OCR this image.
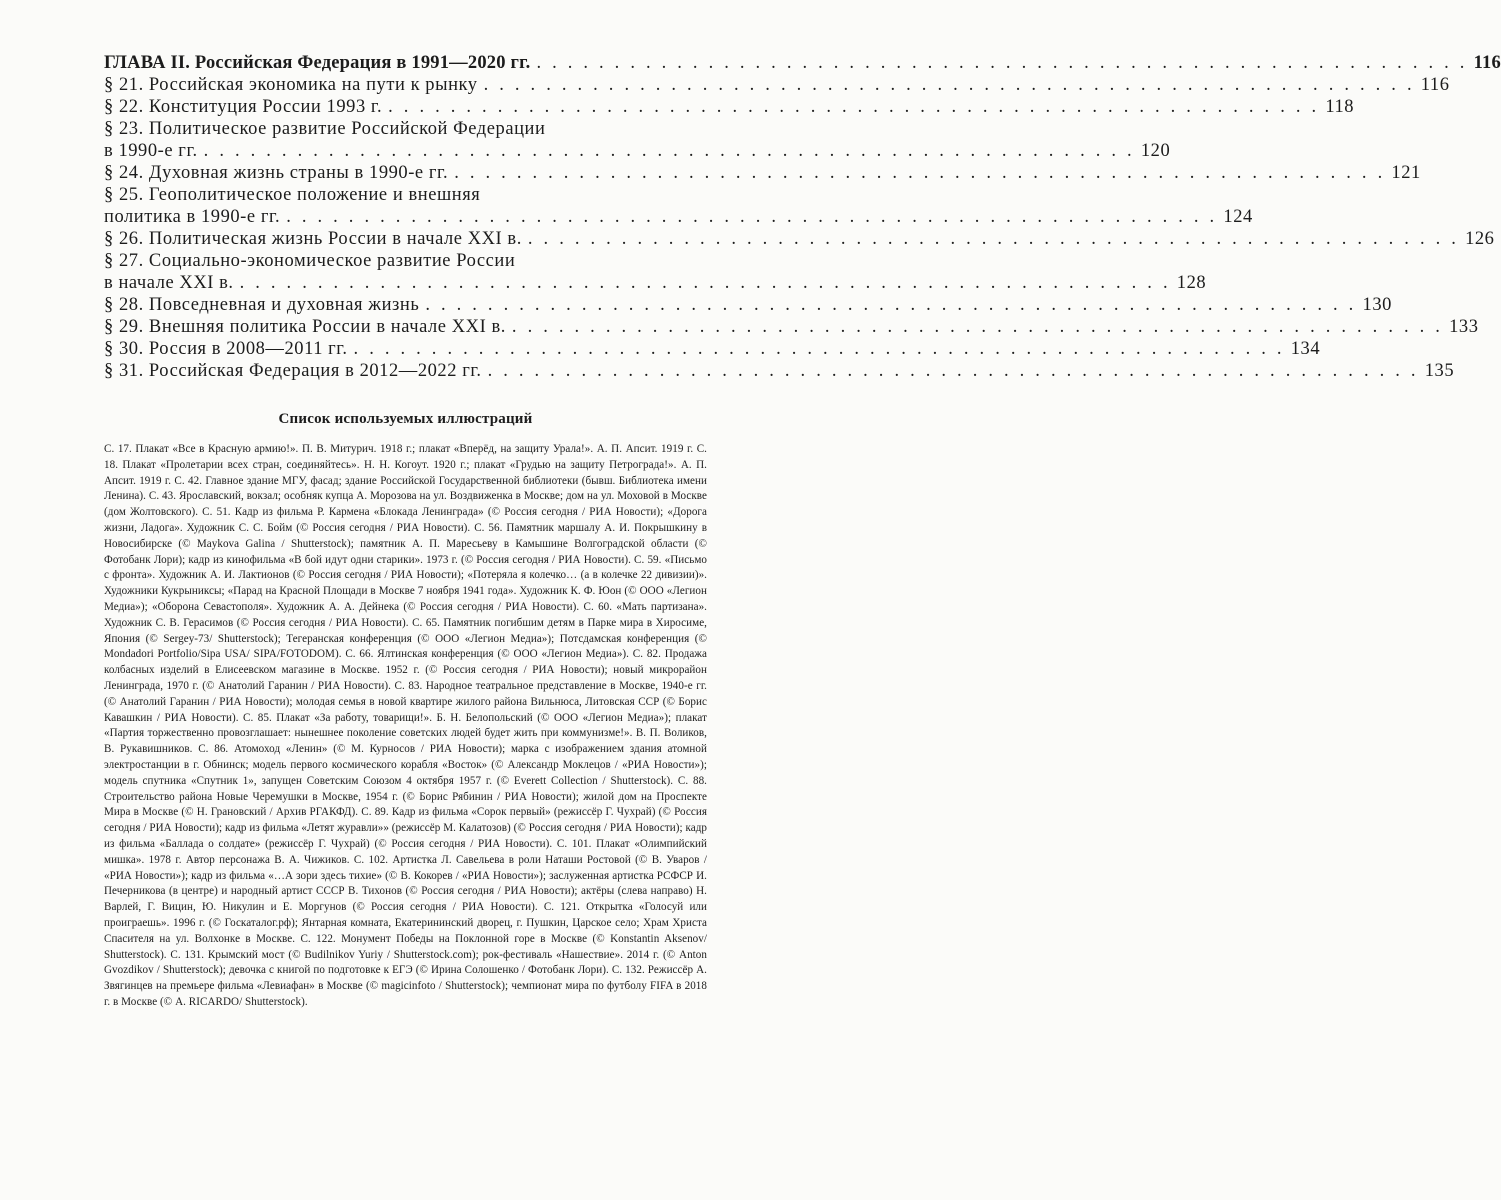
ГЛАВА II. Российская Федерация в 1991—2020 гг. . . . . . . . . . . . . . . . . . . . . . . . . . . . . . . . . . . . . . . . . . . . . . . . . . . . . . . . . . . . . 116
§ 21. Российская экономика на пути к рынку . . . . . . . . . . . . . . . . . . . . . . . . . . . . . . . . . . . . . . . . . . . . . . . . . . . . . . . . . . . . 116
§ 22. Конституция России 1993 г. . . . . . . . . . . . . . . . . . . . . . . . . . . . . . . . . . . . . . . . . . . . . . . . . . . . . . . . . . . . . 118
§ 23. Политическое развитие Российской Федерации
в 1990-е гг. . . . . . . . . . . . . . . . . . . . . . . . . . . . . . . . . . . . . . . . . . . . . . . . . . . . . . . . . . . . . 120
§ 24. Духовная жизнь страны в 1990-е гг. . . . . . . . . . . . . . . . . . . . . . . . . . . . . . . . . . . . . . . . . . . . . . . . . . . . . . . . . . . . . 121
§ 25. Геополитическое положение и внешняя
политика в 1990-е гг. . . . . . . . . . . . . . . . . . . . . . . . . . . . . . . . . . . . . . . . . . . . . . . . . . . . . . . . . . . . . 124
§ 26. Политическая жизнь России в начале XXI в. . . . . . . . . . . . . . . . . . . . . . . . . . . . . . . . . . . . . . . . . . . . . . . . . . . . . . . . . . . . . 126
§ 27. Социально-экономическое развитие России
в начале XXI в. . . . . . . . . . . . . . . . . . . . . . . . . . . . . . . . . . . . . . . . . . . . . . . . . . . . . . . . . . . . . 128
§ 28. Повседневная и духовная жизнь . . . . . . . . . . . . . . . . . . . . . . . . . . . . . . . . . . . . . . . . . . . . . . . . . . . . . . . . . . . . 130
§ 29. Внешняя политика России в начале XXI в. . . . . . . . . . . . . . . . . . . . . . . . . . . . . . . . . . . . . . . . . . . . . . . . . . . . . . . . . . . . . 133
§ 30. Россия в 2008—2011 гг. . . . . . . . . . . . . . . . . . . . . . . . . . . . . . . . . . . . . . . . . . . . . . . . . . . . . . . . . . . . . 134
§ 31. Российская Федерация в 2012—2022 гг. . . . . . . . . . . . . . . . . . . . . . . . . . . . . . . . . . . . . . . . . . . . . . . . . . . . . . . . . . . . . 135
Список используемых иллюстраций

С. 17. Плакат «Все в Красную армию!». П. В. Митурич. 1918 г.; плакат «Вперёд, на защиту Урала!». А. П. Апсит. 1919 г. С. 18. Плакат «Пролетарии всех стран, соединяйтесь». Н. Н. Когоут. 1920 г.; плакат «Грудью на защиту Петрограда!». А. П. Апсит. 1919 г. С. 42. Главное здание МГУ, фасад; здание Российской Государственной библиотеки (бывш. Библиотека имени Ленина). С. 43. Ярославский, вокзал; особняк купца А. Морозова на ул. Воздвиженка в Москве; дом на ул. Моховой в Москве (дом Жолтовского). С. 51. Кадр из фильма Р. Кармена «Блокада Ленинграда» (© Россия сегодня / РИА Новости); «Дорога жизни, Ладога». Художник С. С. Бойм (© Россия сегодня / РИА Новости). С. 56. Памятник маршалу А. И. Покрышкину в Новосибирске (© Maykova Galina / Shutterstock); памятник А. П. Маресьеву в Камышине Волгоградской области (© Фотобанк Лори); кадр из кинофильма «В бой идут одни старики». 1973 г. (© Россия сегодня / РИА Новости). С. 59. «Письмо с фронта». Художник А. И. Лактионов (© Россия сегодня / РИА Новости); «Потеряла я колечко… (а в колечке 22 дивизии)». Художники Кукрыниксы; «Парад на Красной Площади в Москве 7 ноября 1941 года». Художник К. Ф. Юон (© ООО «Легион Медиа»); «Оборона Севастополя». Художник А. А. Дейнека (© Россия сегодня / РИА Новости). С. 60. «Мать партизана». Художник С. В. Герасимов (© Россия сегодня / РИА Новости). С. 65. Памятник погибшим детям в Парке мира в Хиросиме, Япония (© Sergey-73/ Shutterstock); Тегеранская конференция (© ООО «Легион Медиа»); Потсдамская конференция (© Mondadori Portfolio/Sipa USA/ SIPA/FOTODOM). С. 66. Ялтинская конференция (© ООО «Легион Медиа»). С. 82. Продажа колбасных изделий в Елисеевском магазине в Москве. 1952 г. (© Россия сегодня / РИА Новости); новый микрорайон Ленинграда, 1970 г. (© Анатолий Гаранин / РИА Новости). С. 83. Народное театральное представление в Москве, 1940-е гг. (© Анатолий Гаранин / РИА Новости); молодая семья в новой квартире жилого района Вильнюса, Литовская ССР (© Борис Кавашкин / РИА Новости). С. 85. Плакат «За работу, товарищи!». Б. Н. Белопольский (© ООО «Легион Медиа»); плакат «Партия торжественно провозглашает: нынешнее поколение советских людей будет жить при коммунизме!». В. П. Воликов, В. Рукавишников. С. 86. Атомоход «Ленин» (© М. Курносов / РИА Новости); марка с изображением здания атомной электростанции в г. Обнинск; модель первого космического корабля «Восток» (© Александр Моклецов / «РИА Новости»); модель спутника «Спутник 1», запущен Советским Союзом 4 октября 1957 г. (© Everett Collection / Shutterstock). С. 88. Строительство района Новые Черемушки в Москве, 1954 г. (© Борис Рябинин / РИА Новости); жилой дом на Проспекте Мира в Москве (© Н. Грановский / Архив РГАКФД). С. 89. Кадр из фильма «Сорок первый» (режиссёр Г. Чухрай) (© Россия сегодня / РИА Новости); кадр из фильма «Летят журавли»» (режиссёр М. Калатозов) (© Россия сегодня / РИА Новости); кадр из фильма «Баллада о солдате» (режиссёр Г. Чухрай) (© Россия сегодня / РИА Новости). С. 101. Плакат «Олимпийский мишка». 1978 г. Автор персонажа В. А. Чижиков. С. 102. Артистка Л. Савельева в роли Наташи Ростовой (© В. Уваров / «РИА Новости»); кадр из фильма «…А зори здесь тихие» (© В. Кокорев / «РИА Новости»); заслуженная артистка РСФСР И. Печерникова (в центре) и народный артист СССР В. Тихонов (© Россия сегодня / РИА Новости); актёры (слева направо) Н. Варлей, Г. Вицин, Ю. Никулин и Е. Моргунов (© Россия сегодня / РИА Новости). С. 121. Открытка «Голосуй или проиграешь». 1996 г. (© Госкаталог.рф); Янтарная комната, Екатерининский дворец, г. Пушкин, Царское село; Храм Христа Спасителя на ул. Волхонке в Москве. С. 122. Монумент Победы на Поклонной горе в Москве (© Konstantin Aksenov/ Shutterstock). С. 131. Крымский мост (© Budilnikov Yuriy / Shutterstock.com); рок-фестиваль «Нашествие». 2014 г. (© Anton Gvozdikov / Shutterstock); девочка с книгой по подготовке к ЕГЭ (© Ирина Солошенко / Фотобанк Лори). С. 132. Режиссёр А. Звягинцев на премьере фильма «Левиафан» в Москве (© magicinfoto / Shutterstock); чемпионат мира по футболу FIFA в 2018 г. в Москве (© A. RICARDO/ Shutterstock).
